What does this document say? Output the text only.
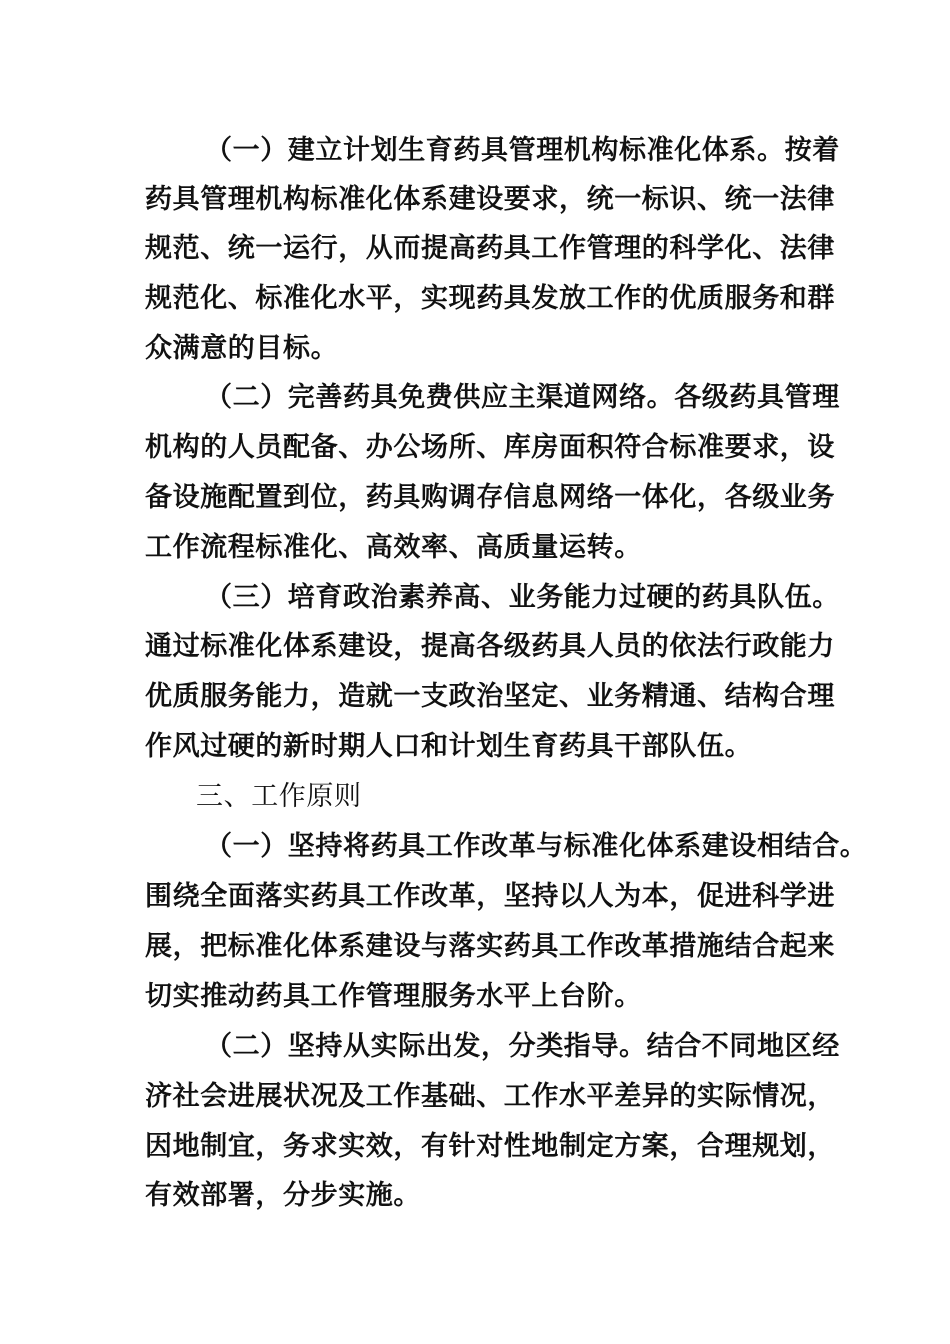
（一）建立计划生育药具管理机构标准化体系。按着

药具管理机构标准化体系建设要求，统一标识、统一法律

规范、统一运行，从而提高药具工作管理的科学化、法律

规范化、标准化水平，实现药具发放工作的优质服务和群

众满意的目标。

（二）完善药具免费供应主渠道网络。各级药具管理

机构的人员配备、办公场所、库房面积符合标准要求，设

备设施配置到位，药具购调存信息网络一体化，各级业务

工作流程标准化、高效率、高质量运转。

（三）培育政治素养高、业务能力过硬的药具队伍。

通过标准化体系建设，提高各级药具人员的依法行政能力

优质服务能力，造就一支政治坚定、业务精通、结构合理

作风过硬的新时期人口和计划生育药具干部队伍。

三、工作原则

（一）坚持将药具工作改革与标准化体系建设相结合。

围绕全面落实药具工作改革，坚持以人为本，促进科学进

展，把标准化体系建设与落实药具工作改革措施结合起来

切实推动药具工作管理服务水平上台阶。

（二）坚持从实际出发，分类指导。结合不同地区经

济社会进展状况及工作基础、工作水平差异的实际情况，

因地制宜，务求实效，有针对性地制定方案，合理规划，

有效部署，分步实施。
